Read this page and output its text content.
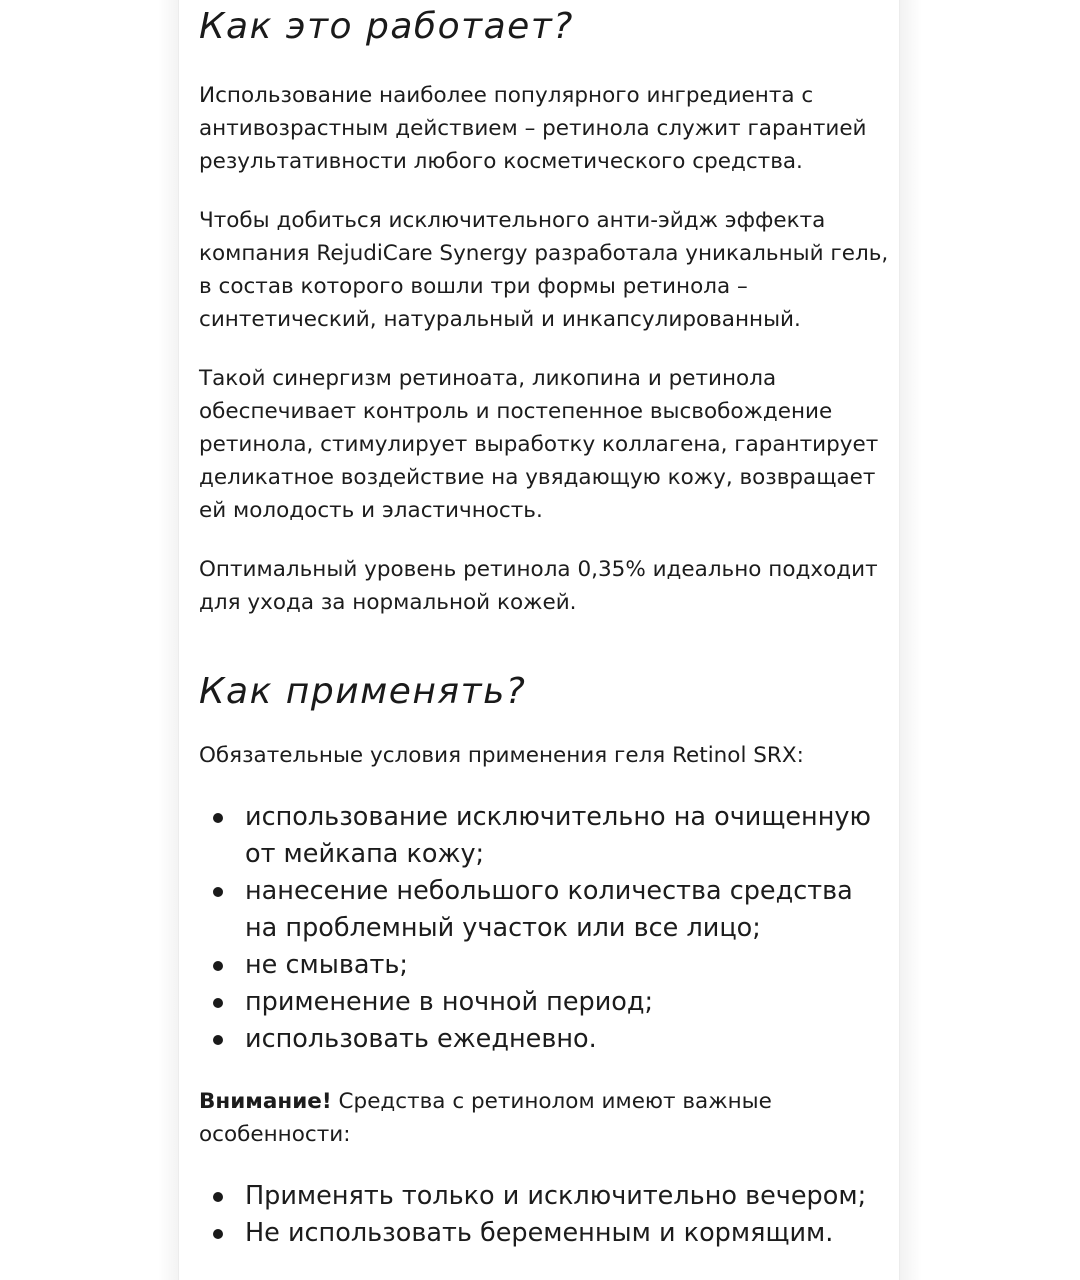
Как это работает?

Использование наиболее популярного ингредиента с антивозрастным действием – ретинола служит гарантией результативности любого косметического средства.

Чтобы добиться исключительного анти-эйдж эффекта компания RejudiCare Synergy разработала уникальный гель, в состав которого вошли три формы ретинола – синтетический, натуральный и инкапсулированный.

Такой синергизм ретиноата, ликопина и ретинола обеспечивает контроль и постепенное высвобождение ретинола, стимулирует выработку коллагена, гарантирует деликатное воздействие на увядающую кожу, возвращает ей молодость и эластичность.

Оптимальный уровень ретинола 0,35% идеально подходит для ухода за нормальной кожей.

Как применять?

Обязательные условия применения геля Retinol SRX:

использование исключительно на очищенную от мейкапа кожу;
нанесение небольшого количества средства на проблемный участок или все лицо;
не смывать;
применение в ночной период;
использовать ежедневно.

Внимание! Средства с ретинолом имеют важные особенности:

Применять только и исключительно вечером;
Не использовать беременным и кормящим.
